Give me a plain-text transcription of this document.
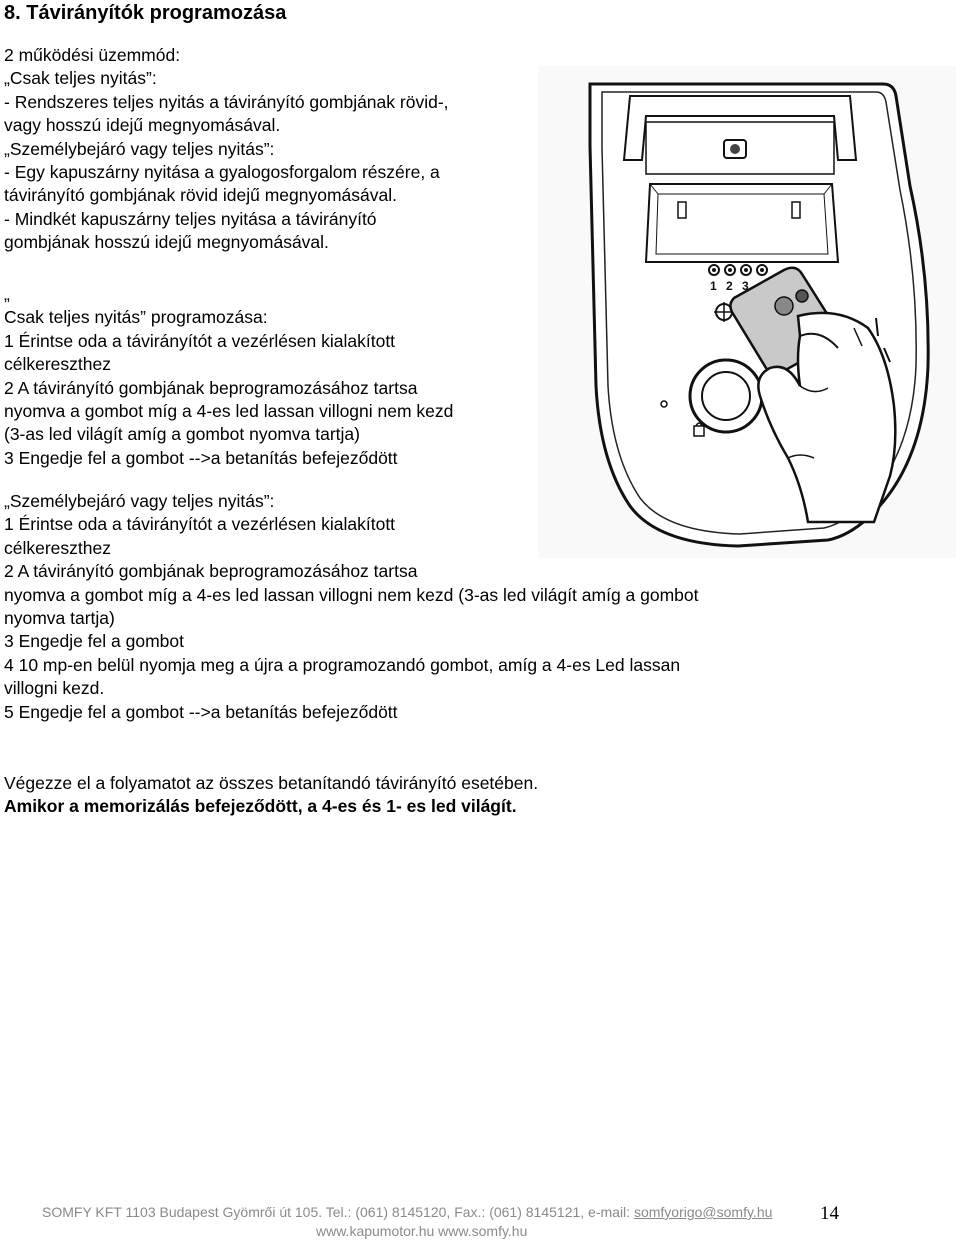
8. Távirányítók programozása
2 működési üzemmód:
„Csak teljes nyitás”:
- Rendszeres teljes nyitás a távirányító gombjának rövid-,
vagy hosszú idejű megnyomásával.
„Személybejáró vagy teljes nyitás”:
- Egy kapuszárny nyitása a gyalogosforgalom részére, a
távirányító gombjának rövid idejű megnyomásával.
- Mindkét kapuszárny teljes nyitása a távirányító
gombjának hosszú idejű megnyomásával.
„
Csak teljes nyitás” programozása:
1 Érintse oda a távirányítót a vezérlésen kialakított
célkereszthez
2 A távirányító gombjának beprogramozásához tartsa
nyomva a gombot míg a 4-es led lassan villogni nem kezd
(3-as led világít amíg a gombot nyomva tartja)
3 Engedje fel a gombot -->a betanítás befejeződött
„Személybejáró vagy teljes nyitás”:
1 Érintse oda a távirányítót a vezérlésen kialakított
célkereszthez
2 A távirányító gombjának beprogramozásához tartsa
nyomva a gombot míg a 4-es led lassan villogni nem kezd (3-as led világít amíg a gombot
nyomva tartja)
3 Engedje fel a gombot
4 10 mp-en belül nyomja meg a újra a programozandó gombot, amíg a 4-es Led lassan
villogni kezd.
5 Engedje fel a gombot -->a betanítás befejeződött
Végezze el a folyamatot az összes betanítandó távirányító esetében.
Amikor a memorizálás befejeződött, a 4-es és 1- es led világít.
1 2 3
SOMFY KFT 1103 Budapest Gyömrői út 105. Tel.: (061) 8145120, Fax.: (061) 8145121, e-mail: somfyorigo@somfy.hu
www.kapumotor.hu www.somfy.hu
14
